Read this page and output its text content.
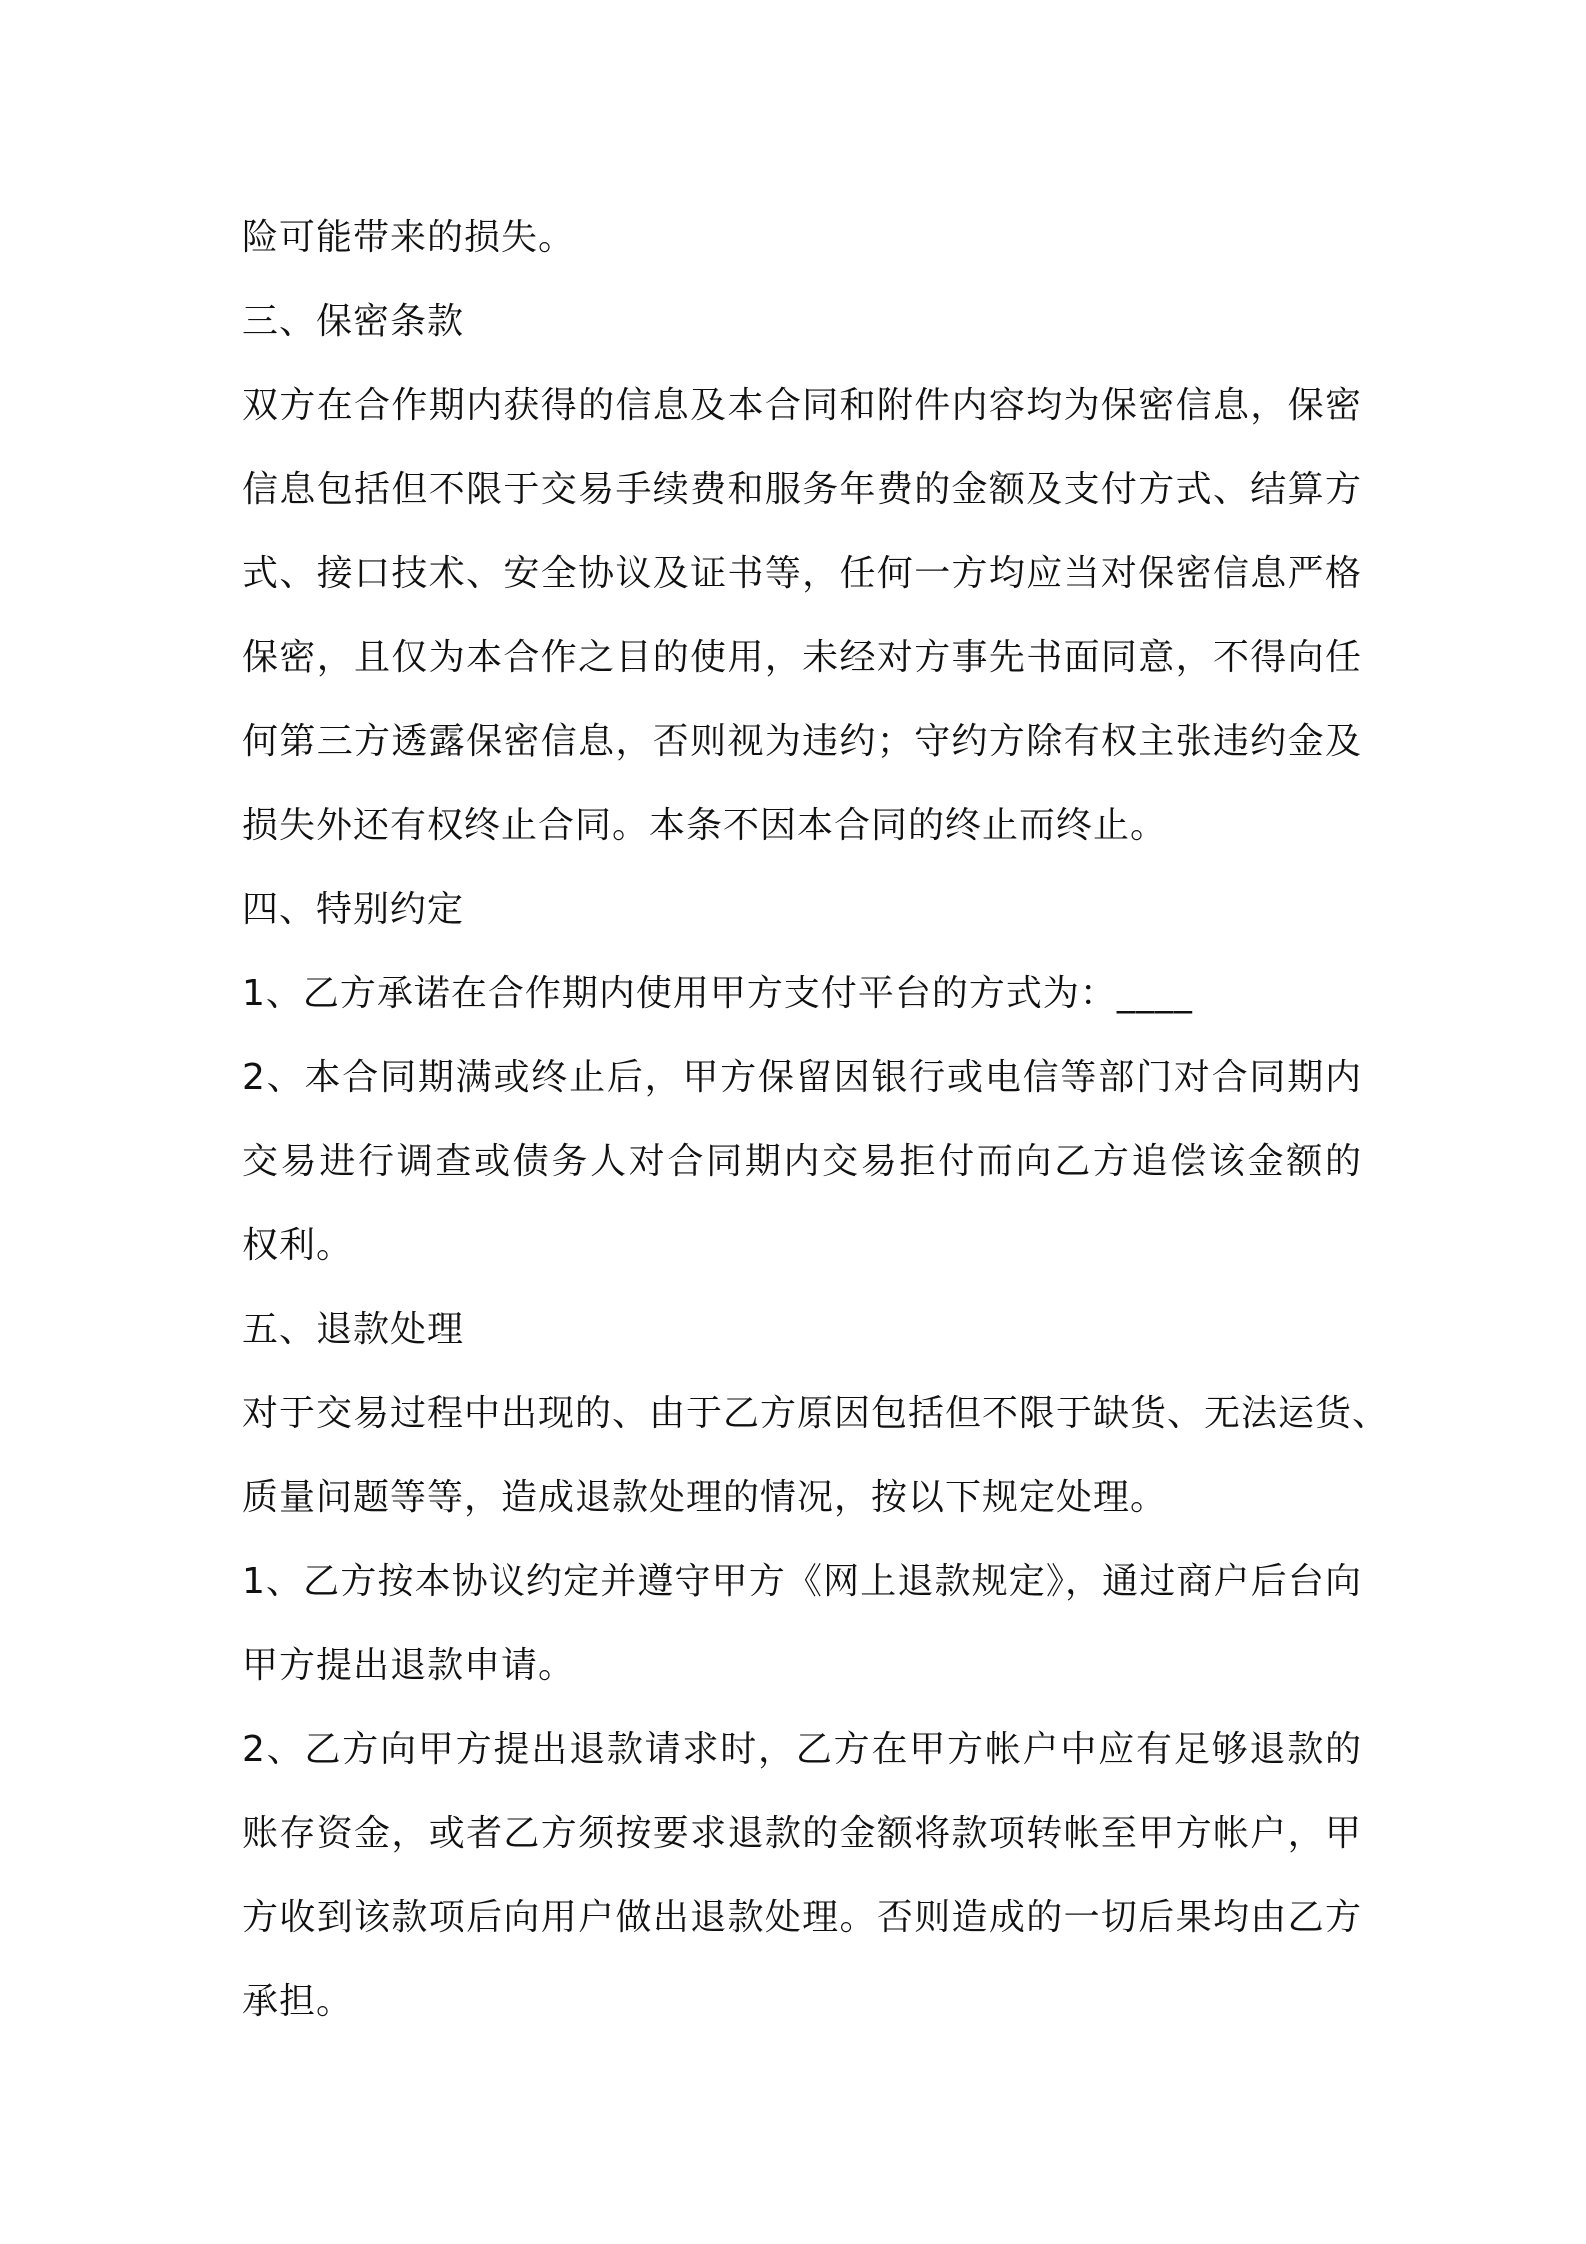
险可能带来的损失。
三、保密条款
双方在合作期内获得的信息及本合同和附件内容均为保密信息，保密
信息包括但不限于交易手续费和服务年费的金额及支付方式、结算方
式、接口技术、安全协议及证书等，任何一方均应当对保密信息严格
保密，且仅为本合作之目的使用，未经对方事先书面同意，不得向任
何第三方透露保密信息，否则视为违约；守约方除有权主张违约金及
损失外还有权终止合同。本条不因本合同的终止而终止。
四、特别约定
1、乙方承诺在合作期内使用甲方支付平台的方式为：____
2、本合同期满或终止后，甲方保留因银行或电信等部门对合同期内
交易进行调查或债务人对合同期内交易拒付而向乙方追偿该金额的
权利。
五、退款处理
对于交易过程中出现的、由于乙方原因包括但不限于缺货、无法运货、
质量问题等等，造成退款处理的情况，按以下规定处理。
1、乙方按本协议约定并遵守甲方《网上退款规定》，通过商户后台向
甲方提出退款申请。
2、乙方向甲方提出退款请求时，乙方在甲方帐户中应有足够退款的
账存资金，或者乙方须按要求退款的金额将款项转帐至甲方帐户，甲
方收到该款项后向用户做出退款处理。否则造成的一切后果均由乙方
承担。
